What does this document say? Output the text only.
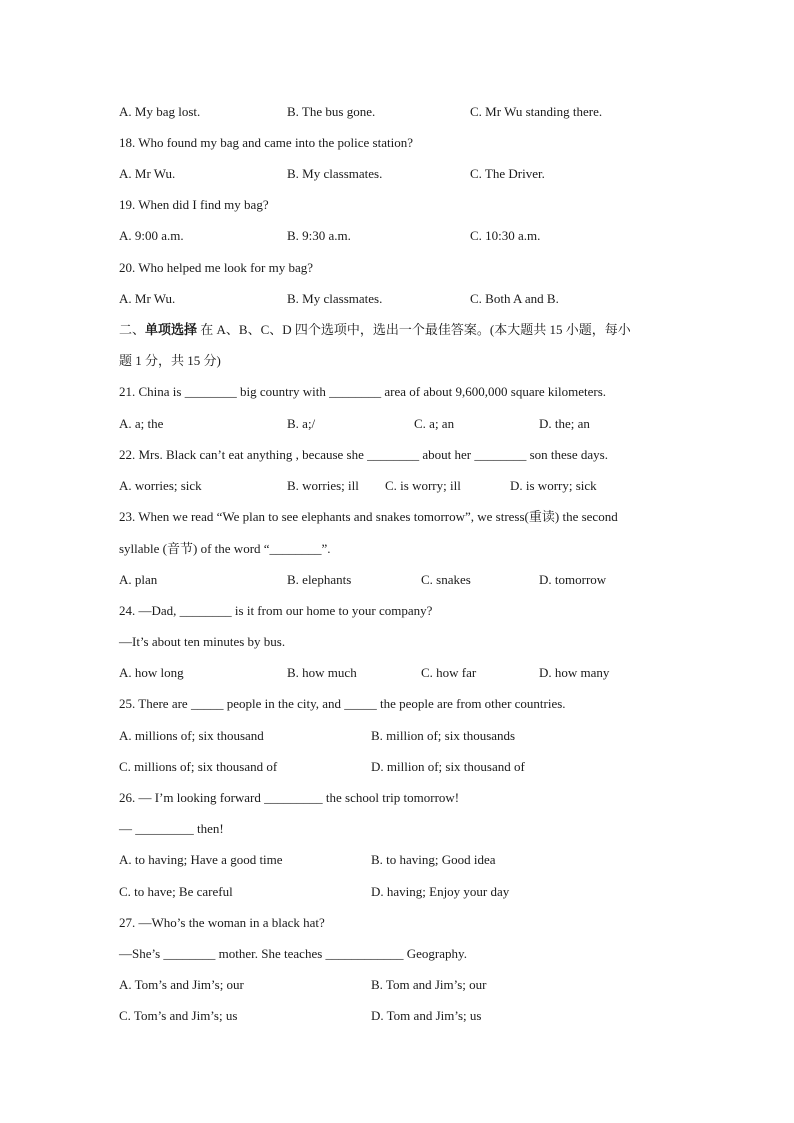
A. My bag lost.	B. The bus gone.	C. Mr Wu standing there.
18. Who found my bag and came into the police station?
A. Mr Wu.	B. My classmates.	C. The Driver.
19. When did I find my bag?
A. 9:00 a.m.	B. 9:30 a.m.	C. 10:30 a.m.
20. Who helped me look for my bag?
A. Mr Wu.	B. My classmates.	C. Both A and B.
二、单项选择 在 A、B、C、D 四个选项中，选出一个最佳答案。(本大题共 15 小题，每小
题 1 分，共 15 分)
21. China is ________ big country with ________ area of about 9,600,000 square kilometers.
A. a; the	B. a;/	C. a; an	D. the; an
22. Mrs. Black can’t eat anything , because she ________ about her ________ son these days.
A. worries; sick	B. worries; ill C. is worry; ill	D. is worry; sick
23. When we read “We plan to see elephants and snakes tomorrow”, we stress(重读) the second
syllable (音节) of the word “________”.
A. plan	B. elephants	C. snakes	D. tomorrow
24. —Dad, ________ is it from our home to your company?
—It’s about ten minutes by bus.
A. how long	B. how much	C. how far	D. how many
25. There are _____ people in the city, and _____ the people are from other countries.
A. millions of; six thousand	B. million of; six thousands
C. millions of; six thousand of	D. million of; six thousand of
26. — I’m looking forward _________ the school trip tomorrow!
— _________ then!
A. to having; Have a good time	B. to having; Good idea
C. to have; Be careful	D. having; Enjoy your day
27. —Who’s the woman in a black hat?
—She’s ________ mother. She teaches ____________ Geography.
A. Tom’s and Jim’s; our	B. Tom and Jim’s; our
C. Tom’s and Jim’s; us	D. Tom and Jim’s; us
